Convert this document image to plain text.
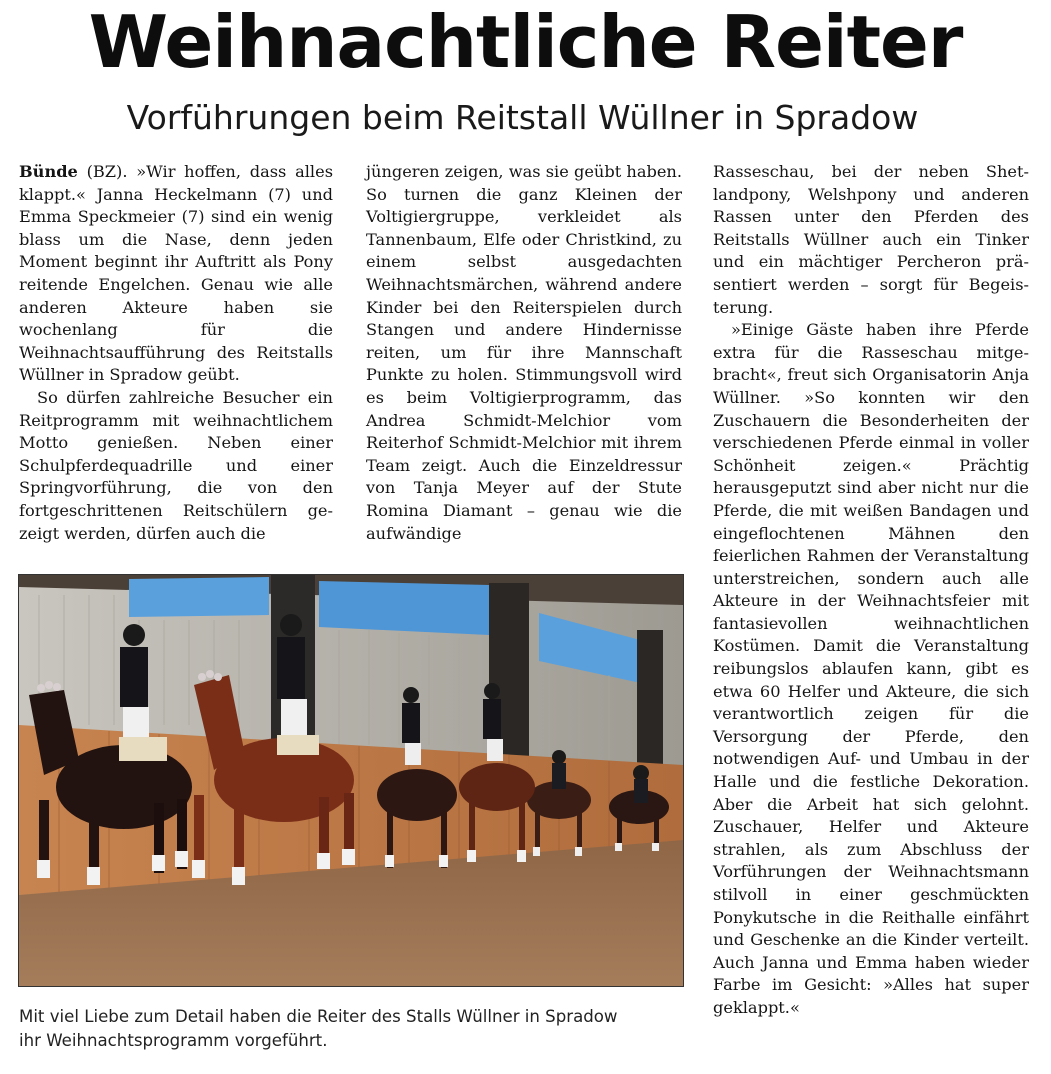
Weihnachtliche Reiter
Vorführungen beim Reitstall Wüllner in Spradow

Bünde (BZ). »Wir hoffen, dass alles klappt.« Janna Heckelmann (7) und Emma Speckmeier (7) sind ein wenig blass um die Nase, denn jeden Moment beginnt ihr Auftritt als Pony reitende Engelchen. Genau wie alle anderen Akteure haben sie wochenlang für die Weihnachtsaufführung des Reitstalls Wüllner in Spradow geübt.

So dürfen zahlreiche Besucher ein Reitprogramm mit weihnachtlichem Motto genießen. Neben einer Schulpferdequadrille und einer Springvorführung, die von den fortgeschrittenen Reitschülern gezeigt werden, dürfen auch die

jüngeren zeigen, was sie geübt haben. So turnen die ganz Kleinen der Voltigiergruppe, verkleidet als Tannenbaum, Elfe oder Christkind, zu einem selbst ausgedachten Weihnachtsmärchen, während andere Kinder bei den Reiterspielen durch Stangen und andere Hindernisse reiten, um für ihre Mannschaft Punkte zu holen. Stimmungsvoll wird es beim Voltigierprogramm, das Andrea Schmidt-Melchior vom Reiterhof Schmidt-Melchior mit ihrem Team zeigt. Auch die Einzeldressur von Tanja Meyer auf der Stute Romina Diamant – genau wie die aufwändige

Rasseschau, bei der neben Shetlandpony, Welshpony und anderen Rassen unter den Pferden des Reitstalls Wüllner auch ein Tinker und ein mächtiger Percheron präsentiert werden – sorgt für Begeisterung.

»Einige Gäste haben ihre Pferde extra für die Rasseschau mitgebracht«, freut sich Organisatorin Anja Wüllner. »So konnten wir den Zuschauern die Besonderheiten der verschiedenen Pferde einmal in voller Schönheit zeigen.« Prächtig herausgeputzt sind aber nicht nur die Pferde, die mit weißen Bandagen und eingeflochtenen Mähnen den feierlichen Rahmen der Veranstaltung unterstreichen, sondern auch alle Akteure in der Weihnachtsfeier mit fantasievollen weihnachtlichen Kostümen. Damit die Veranstaltung reibungslos ablaufen kann, gibt es etwa 60 Helfer und Akteure, die sich verantwortlich zeigen für die Versorgung der Pferde, den notwendigen Auf- und Umbau in der Halle und die festliche Dekoration. Aber die Arbeit hat sich gelohnt. Zuschauer, Helfer und Akteure strahlen, als zum Abschluss der Vorführungen der Weihnachtsmann stilvoll in einer geschmückten Ponykutsche in die Reithalle einfährt und Geschenke an die Kinder verteilt. Auch Janna und Emma haben wieder Farbe im Gesicht: »Alles hat super geklappt.«

Mit viel Liebe zum Detail haben die Reiter des Stalls Wüllner in Spradow
ihr Weihnachtsprogramm vorgeführt.
